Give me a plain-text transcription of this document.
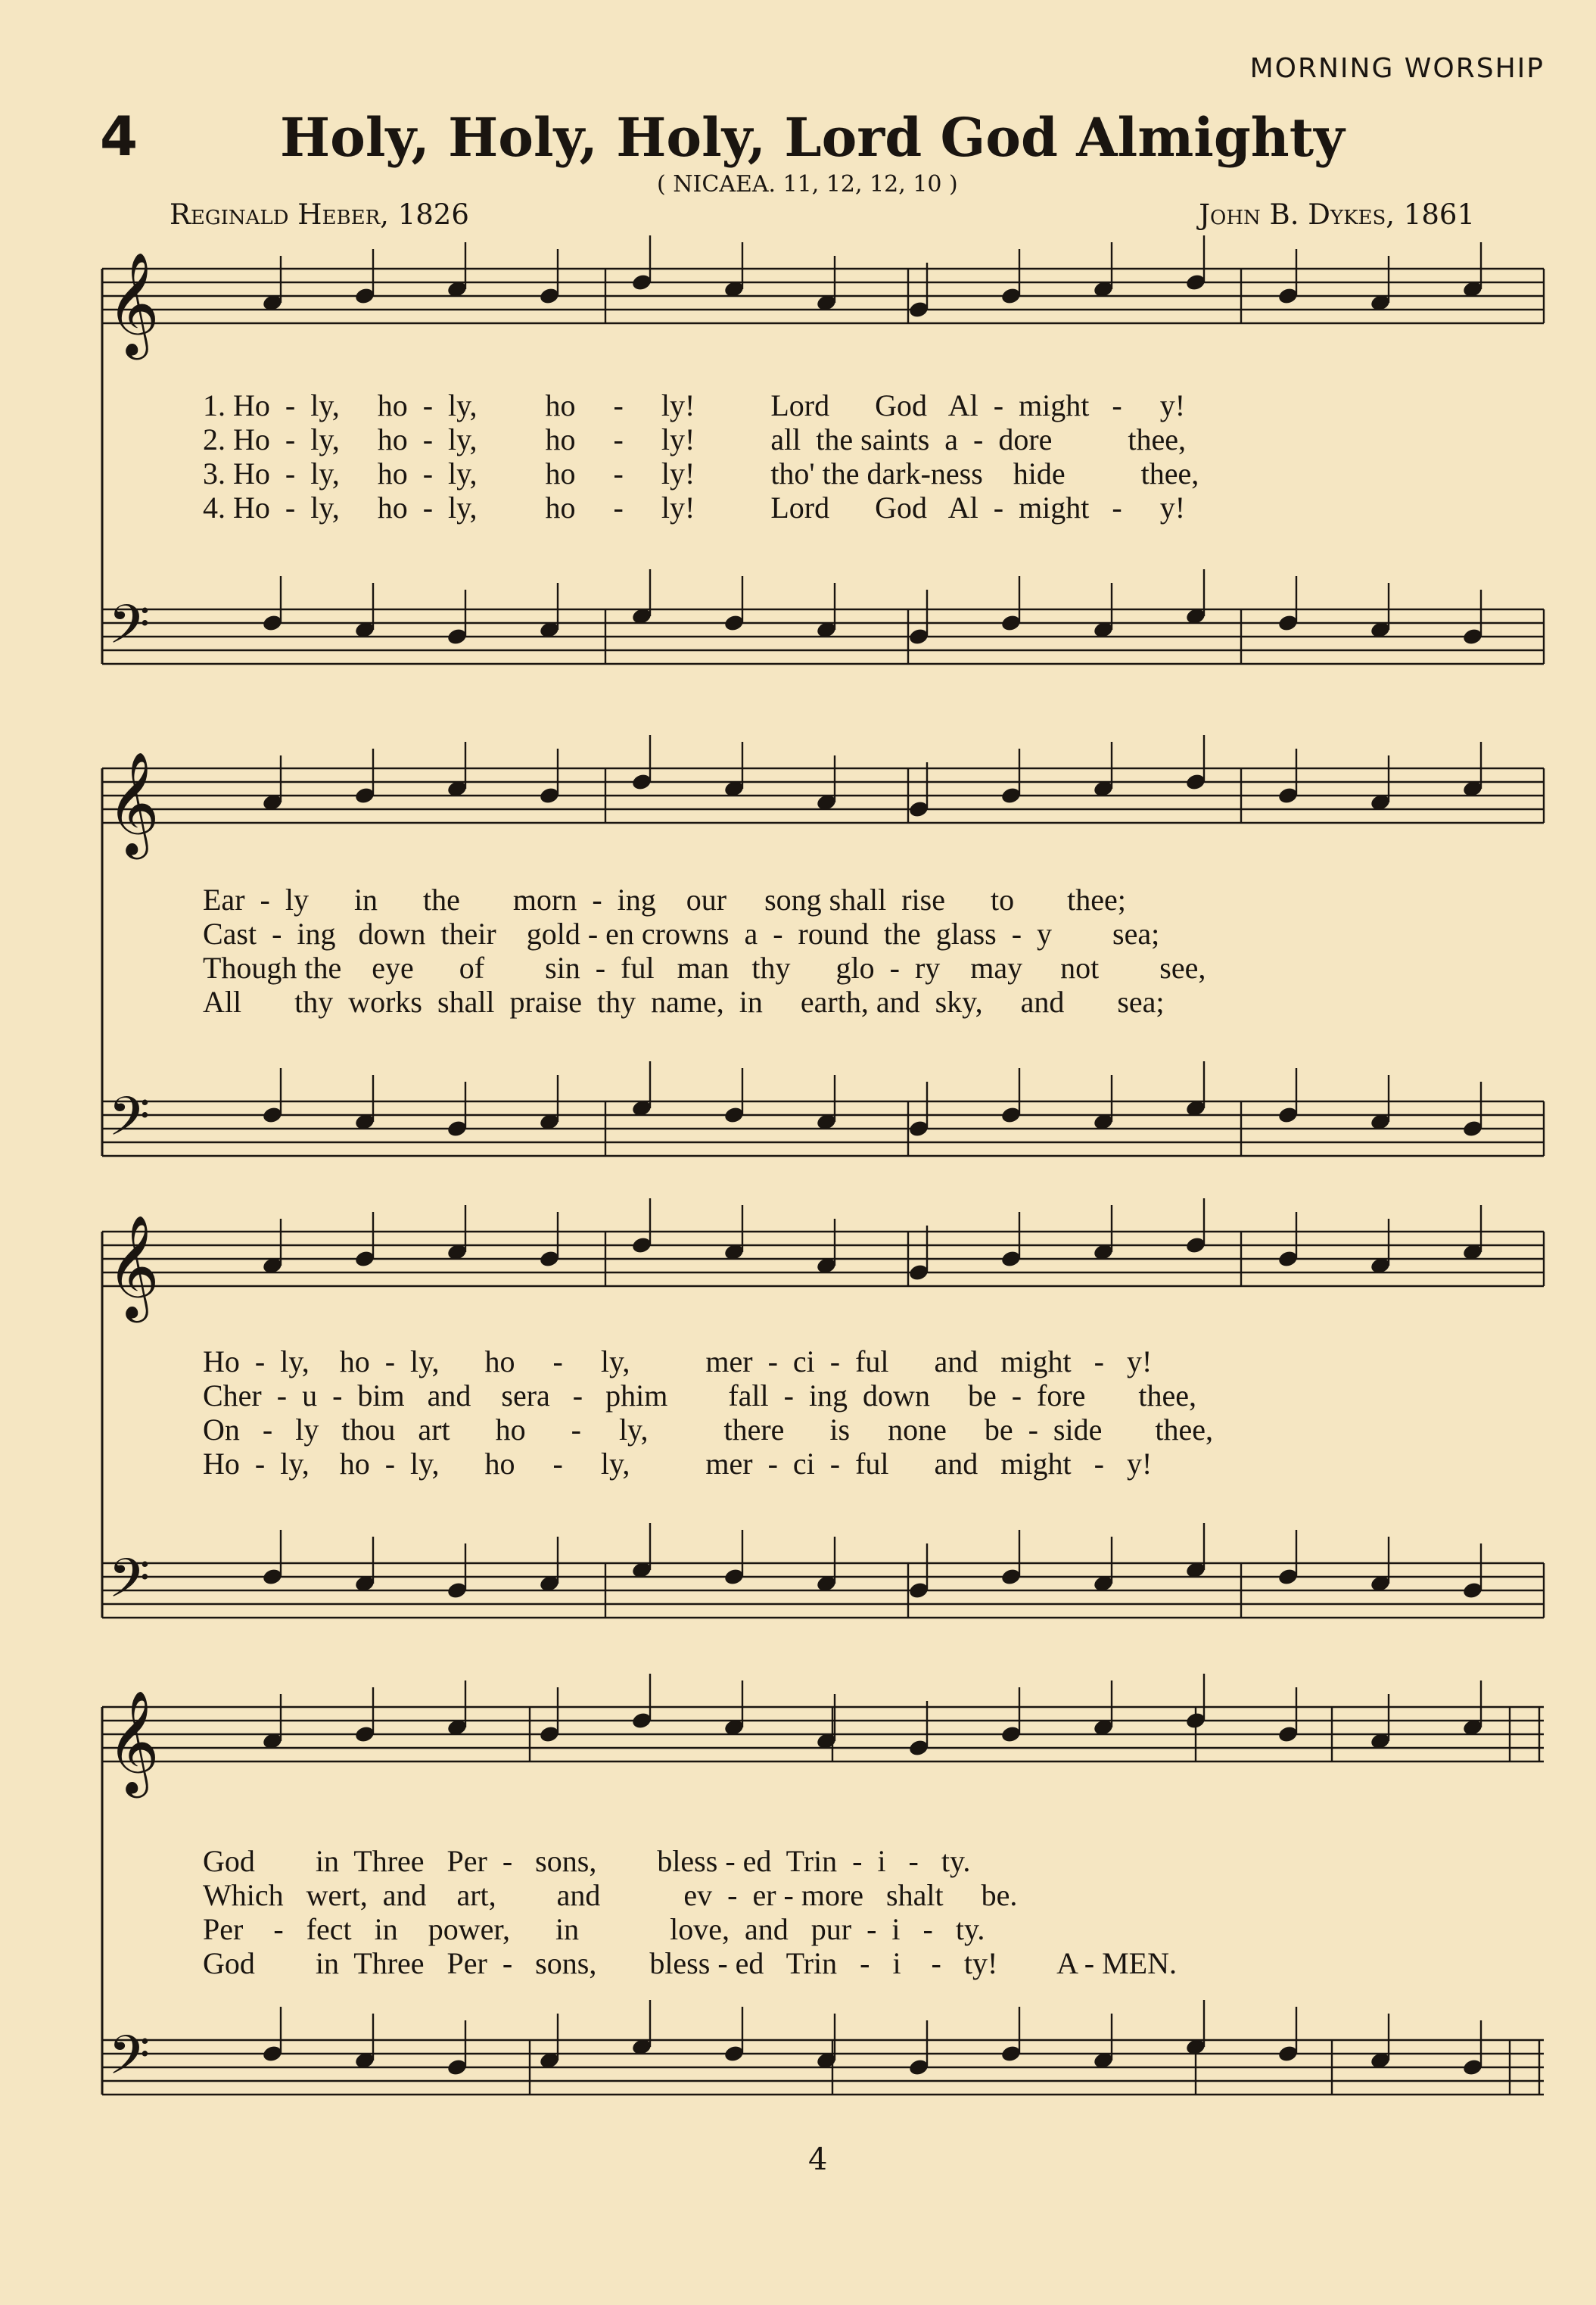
MORNING WORSHIP
4	Holy, Holy, Holy, Lord God Almighty
( NICAEA. 11, 12, 12, 10 )
Reginald Heber, 1826	John B. Dykes, 1861
𝄞
𝄢
𝄞
𝄢
𝄞
𝄢
𝄞
𝄢
1. Ho  -  ly,     ho  -  ly,         ho     -     ly!          Lord      God   Al  -  might   -     y!
2. Ho  -  ly,     ho  -  ly,         ho     -     ly!          all  the saints  a  -  dore          thee,
3. Ho  -  ly,     ho  -  ly,         ho     -     ly!          tho' the dark-ness    hide          thee,
4. Ho  -  ly,     ho  -  ly,         ho     -     ly!          Lord      God   Al  -  might   -     y!
Ear  -  ly      in      the       morn  -  ing    our     song shall  rise      to       thee;
Cast  -  ing   down  their    gold - en crowns  a  -  round  the  glass  -  y        sea;
Though the    eye      of        sin  -  ful   man   thy      glo  -  ry    may     not        see,
All       thy  works  shall  praise  thy  name,  in     earth, and  sky,     and       sea;
Ho  -  ly,    ho  -  ly,      ho     -     ly,          mer  -  ci  -  ful      and   might   -   y!
Cher  -  u  -  bim   and    sera   -   phim        fall  -  ing  down     be  -  fore       thee,
On   -   ly   thou   art      ho      -     ly,          there      is     none     be  -  side       thee,
Ho  -  ly,    ho  -  ly,      ho     -     ly,          mer  -  ci  -  ful      and   might   -   y!
God        in  Three   Per  -   sons,        bless - ed  Trin  -  i   -   ty.
Which   wert,  and    art,        and           ev  -  er - more   shalt     be.
Per    -   fect   in    power,      in            love,  and   pur  -  i   -   ty.
God        in  Three   Per  -   sons,       bless - ed   Trin   -   i    -   ty!        A - MEN.
4
